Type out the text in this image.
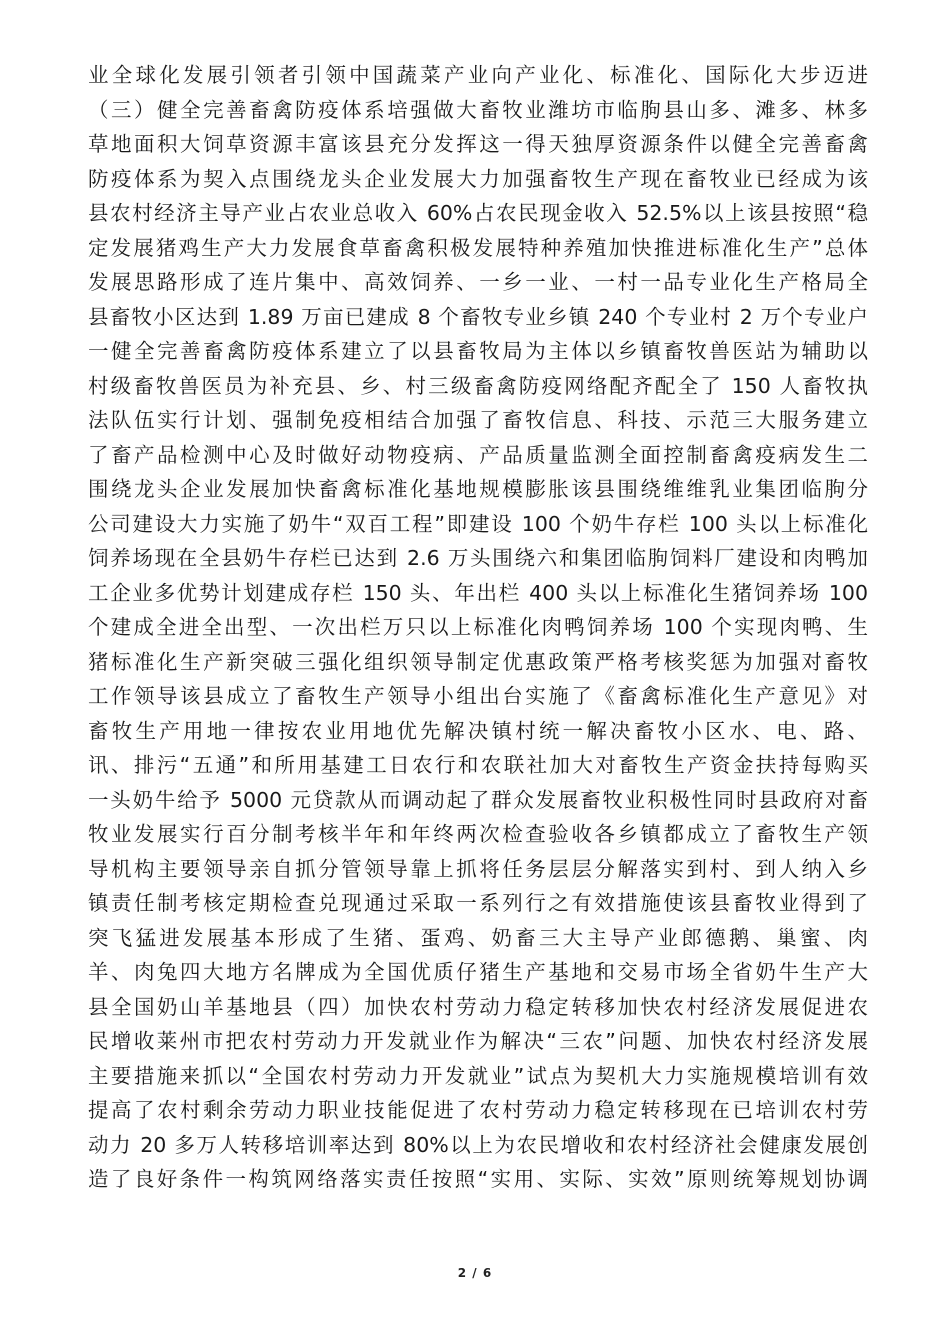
业全球化发展引领者引领中国蔬菜产业向产业化、标准化、国际化大步迈进
（三）健全完善畜禽防疫体系培强做大畜牧业潍坊市临朐县山多、滩多、林多
草地面积大饲草资源丰富该县充分发挥这一得天独厚资源条件以健全完善畜禽
防疫体系为契入点围绕龙头企业发展大力加强畜牧生产现在畜牧业已经成为该
县农村经济主导产业占农业总收入 60%占农民现金收入 52.5%以上该县按照“稳
定发展猪鸡生产大力发展食草畜禽积极发展特种养殖加快推进标准化生产”总体
发展思路形成了连片集中、高效饲养、一乡一业、一村一品专业化生产格局全
县畜牧小区达到 1.89 万亩已建成 8 个畜牧专业乡镇 240 个专业村 2 万个专业户
一健全完善畜禽防疫体系建立了以县畜牧局为主体以乡镇畜牧兽医站为辅助以
村级畜牧兽医员为补充县、乡、村三级畜禽防疫网络配齐配全了 150 人畜牧执
法队伍实行计划、强制免疫相结合加强了畜牧信息、科技、示范三大服务建立
了畜产品检测中心及时做好动物疫病、产品质量监测全面控制畜禽疫病发生二
围绕龙头企业发展加快畜禽标准化基地规模膨胀该县围绕维维乳业集团临朐分
公司建设大力实施了奶牛“双百工程”即建设 100 个奶牛存栏 100 头以上标准化
饲养场现在全县奶牛存栏已达到 2.6 万头围绕六和集团临朐饲料厂建设和肉鸭加
工企业多优势计划建成存栏 150 头、年出栏 400 头以上标准化生猪饲养场 100
个建成全进全出型、一次出栏万只以上标准化肉鸭饲养场 100 个实现肉鸭、生
猪标准化生产新突破三强化组织领导制定优惠政策严格考核奖惩为加强对畜牧
工作领导该县成立了畜牧生产领导小组出台实施了《畜禽标准化生产意见》对
畜牧生产用地一律按农业用地优先解决镇村统一解决畜牧小区水、电、路、
讯、排污“五通”和所用基建工日农行和农联社加大对畜牧生产资金扶持每购买
一头奶牛给予 5000 元贷款从而调动起了群众发展畜牧业积极性同时县政府对畜
牧业发展实行百分制考核半年和年终两次检查验收各乡镇都成立了畜牧生产领
导机构主要领导亲自抓分管领导靠上抓将任务层层分解落实到村、到人纳入乡
镇责任制考核定期检查兑现通过采取一系列行之有效措施使该县畜牧业得到了
突飞猛进发展基本形成了生猪、蛋鸡、奶畜三大主导产业郎德鹅、巢蜜、肉
羊、肉兔四大地方名牌成为全国优质仔猪生产基地和交易市场全省奶牛生产大
县全国奶山羊基地县（四）加快农村劳动力稳定转移加快农村经济发展促进农
民增收莱州市把农村劳动力开发就业作为解决“三农”问题、加快农村经济发展
主要措施来抓以“全国农村劳动力开发就业”试点为契机大力实施规模培训有效
提高了农村剩余劳动力职业技能促进了农村劳动力稳定转移现在已培训农村劳
动力 20 多万人转移培训率达到 80%以上为农民增收和农村经济社会健康发展创
造了良好条件一构筑网络落实责任按照“实用、实际、实效”原则统筹规划协调
2 / 6
